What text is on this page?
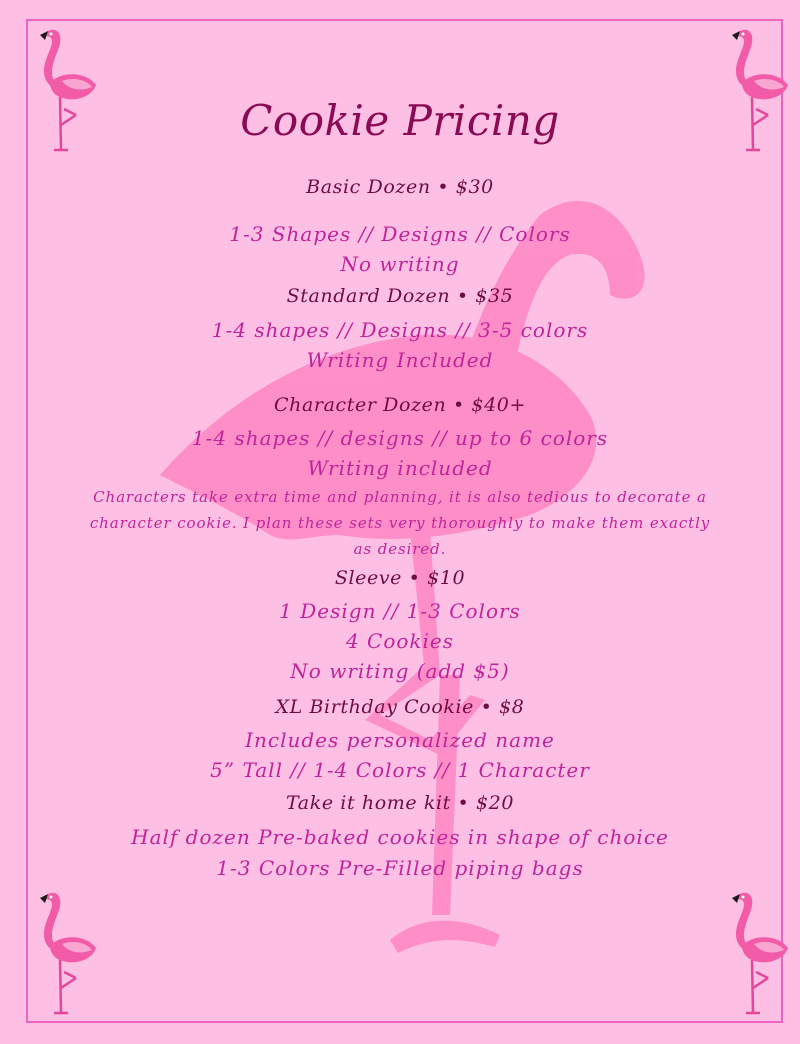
Cookie Pricing
Basic Dozen • $30
1-3 Shapes // Designs // Colors
No writing
Standard Dozen • $35
1-4 shapes // Designs // 3-5 colors
Writing Included
Character Dozen • $40+
1-4 shapes // designs // up to 6 colors
Writing included
Characters take extra time and planning, it is also tedious to decorate a character cookie. I plan these sets very thoroughly to make them exactly as desired.
Sleeve • $10
1 Design // 1-3 Colors
4 Cookies
No writing (add $5)
XL Birthday Cookie • $8
Includes personalized name
5” Tall // 1-4 Colors // 1 Character
Take it home kit • $20
Half dozen Pre-baked cookies in shape of choice
1-3 Colors Pre-Filled piping bags
